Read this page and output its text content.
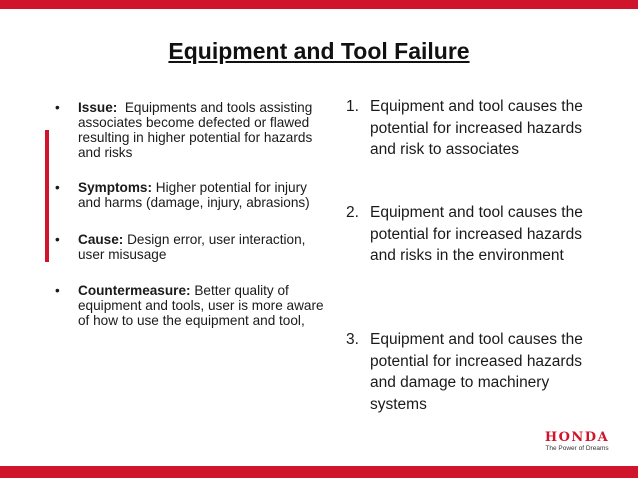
Equipment and Tool Failure
• Issue:  Equipments and tools assisting associates become defected or flawed resulting in higher potential for hazards and risks
• Symptoms: Higher potential for injury and harms (damage, injury, abrasions)
• Cause: Design error, user interaction, user misusage
• Countermeasure: Better quality of equipment and tools, user is more aware of how to use the equipment and tool,
1. Equipment and tool causes the potential for increased hazards and risk to associates
2. Equipment and tool causes the potential for increased hazards and risks in the environment
3. Equipment and tool causes the potential for increased hazards and damage to machinery systems
HONDA
The Power of Dreams
